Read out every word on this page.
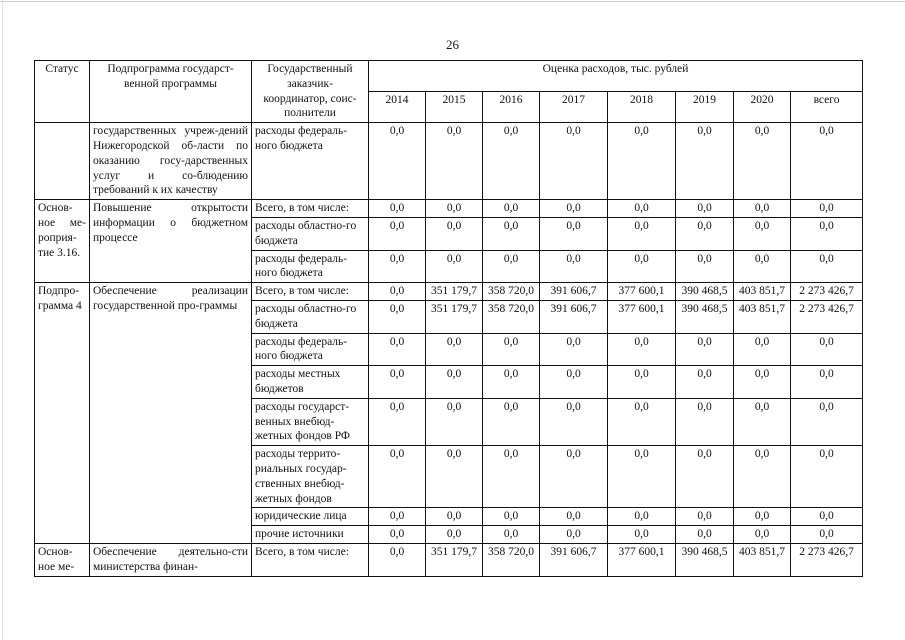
26
Статус	Подпрограмма государст-венной программы	Государственный заказчик-координатор, соис-полнители	Оценка расходов, тыс. рублей							
			2014	2015	2016	2017	2018	2019	2020	всего
	государственных учреж-дений Нижегородской об-ласти по оказанию госу-дарственных услуг и со-блюдению требований к их качеству	расходы федераль-ного бюджета	0,0	0,0	0,0	0,0	0,0	0,0	0,0	0,0
Основ-ное ме-роприя-тие 3.16.	Повышение открытости информации о бюджетном процессе	Всего, в том числе:	0,0	0,0	0,0	0,0	0,0	0,0	0,0	0,0
		расходы областно-го бюджета	0,0	0,0	0,0	0,0	0,0	0,0	0,0	0,0
		расходы федераль-ного бюджета	0,0	0,0	0,0	0,0	0,0	0,0	0,0	0,0
Подпро-грамма 4	Обеспечение реализации государственной про-граммы	Всего, в том числе:	0,0	351 179,7	358 720,0	391 606,7	377 600,1	390 468,5	403 851,7	2 273 426,7
		расходы областно-го бюджета	0,0	351 179,7	358 720,0	391 606,7	377 600,1	390 468,5	403 851,7	2 273 426,7
		расходы федераль-ного бюджета	0,0	0,0	0,0	0,0	0,0	0,0	0,0	0,0
		расходы местных бюджетов	0,0	0,0	0,0	0,0	0,0	0,0	0,0	0,0
		расходы государст-венных внебюд-жетных фондов РФ	0,0	0,0	0,0	0,0	0,0	0,0	0,0	0,0
		расходы террито-риальных государ-ственных внебюд-жетных фондов	0,0	0,0	0,0	0,0	0,0	0,0	0,0	0,0
		юридические лица	0,0	0,0	0,0	0,0	0,0	0,0	0,0	0,0
		прочие источники	0,0	0,0	0,0	0,0	0,0	0,0	0,0	0,0
Основ-ное ме-	Обеспечение деятельно-сти министерства финан-	Всего, в том числе:	0,0	351 179,7	358 720,0	391 606,7	377 600,1	390 468,5	403 851,7	2 273 426,7
